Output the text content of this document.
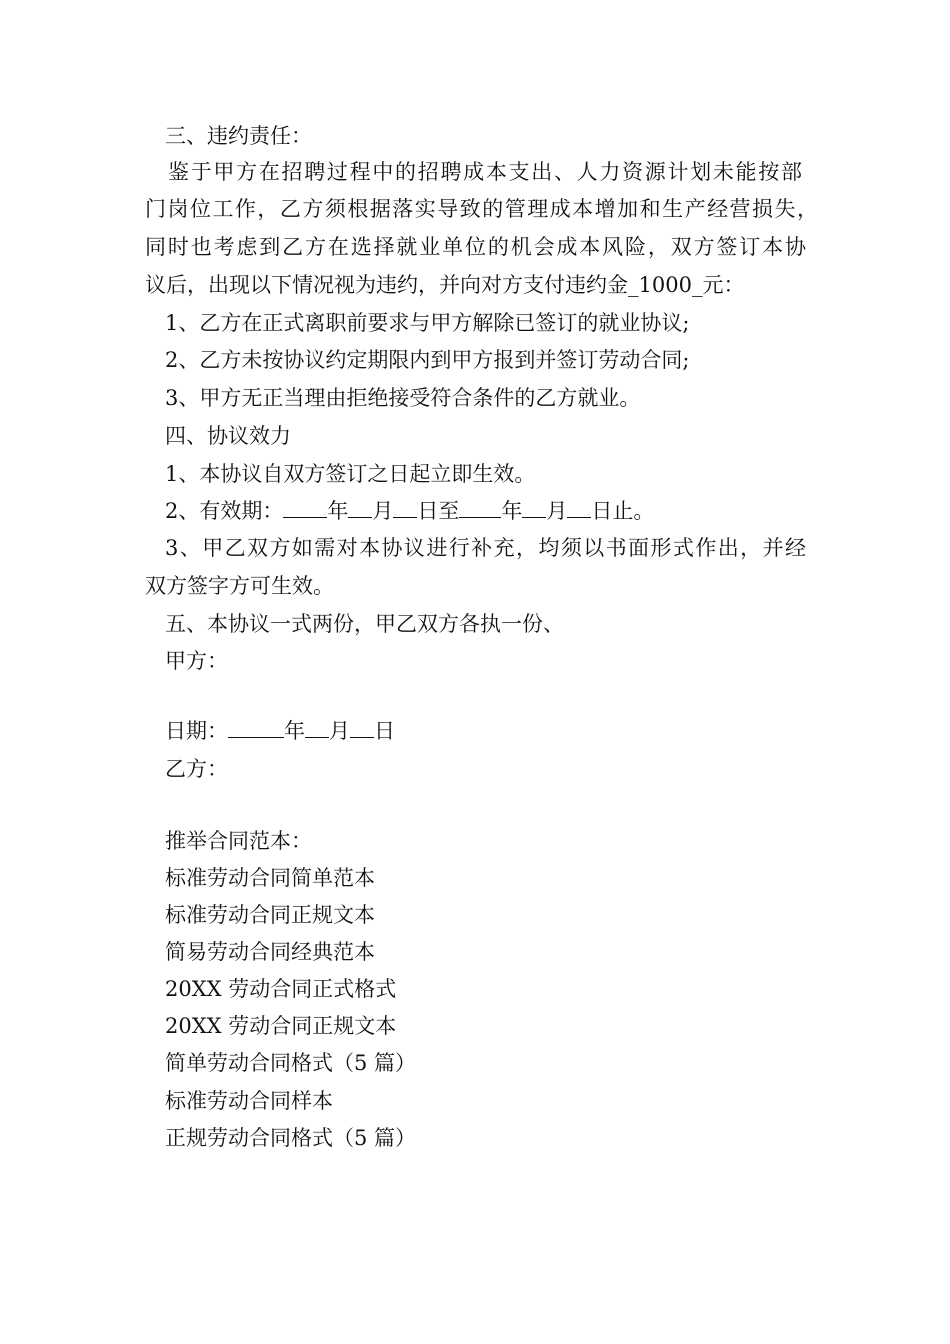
三、违约责任：
鉴于甲方在招聘过程中的招聘成本支出、人力资源计划未能按部
门岗位工作，乙方须根据落实导致的管理成本增加和生产经营损失，
同时也考虑到乙方在选择就业单位的机会成本风险，双方签订本协
议后，出现以下情况视为违约，并向对方支付违约金_1000_元：
1、乙方在正式离职前要求与甲方解除已签订的就业协议;
2、乙方未按协议约定期限内到甲方报到并签订劳动合同;
3、甲方无正当理由拒绝接受符合条件的乙方就业。
四、协议效力
1、本协议自双方签订之日起立即生效。
2、有效期： 年 月 日至 年 月 日止。
3、甲乙双方如需对本协议进行补充，均须以书面形式作出，并经
双方签字方可生效。
五、本协议一式两份，甲乙双方各执一份、
甲方：
日期：	年 月 日
乙方：
推举合同范本：
标准劳动合同简单范本
标准劳动合同正规文本
简易劳动合同经典范本
20XX 劳动合同正式格式
20XX 劳动合同正规文本
简单劳动合同格式（5 篇）
标准劳动合同样本
正规劳动合同格式（5 篇）
